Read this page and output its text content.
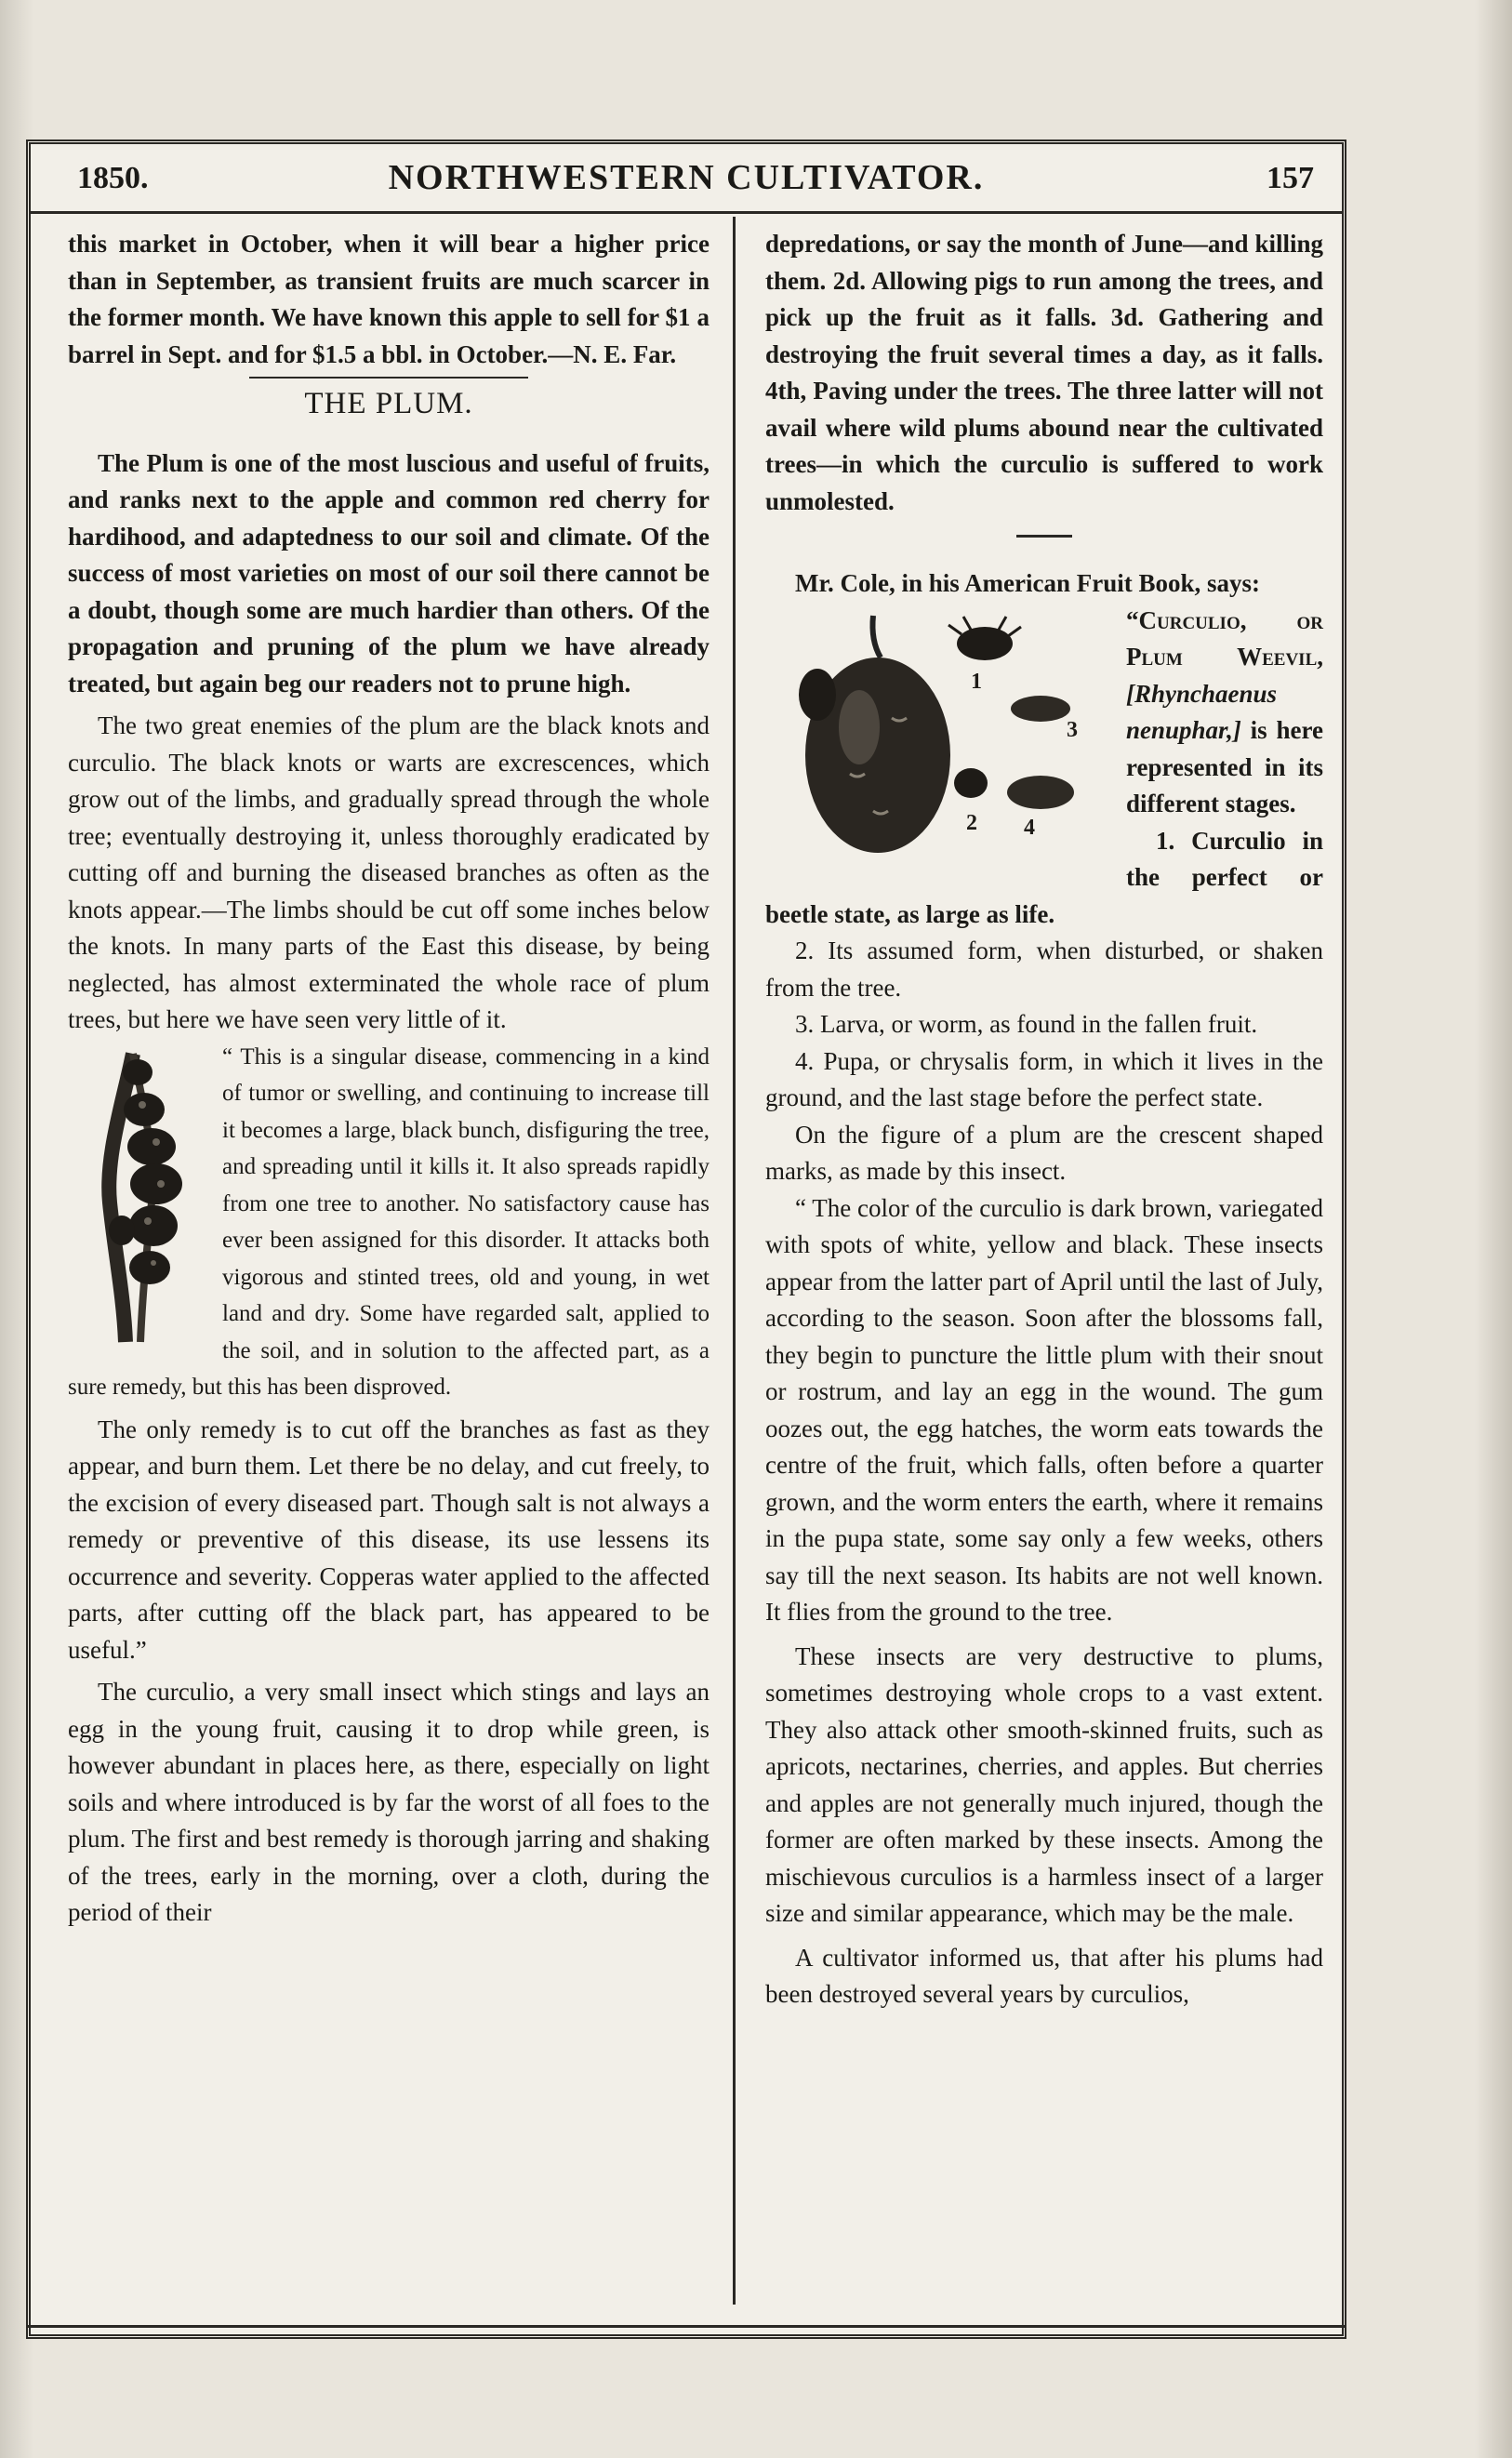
1850.	NORTHWESTERN CULTIVATOR.	157
this market in October, when it will bear a higher price than in September, as transient fruits are much scarcer in the former month. We have known this apple to sell for $1 a barrel in Sept. and for $1.5 a bbl. in October.—N. E. Far.
THE PLUM.

The Plum is one of the most luscious and useful of fruits, and ranks next to the apple and common red cherry for hardihood, and adaptedness to our soil and climate. Of the success of most varieties on most of our soil there cannot be a doubt, though some are much hardier than others. Of the propagation and pruning of the plum we have already treated, but again beg our readers not to prune high.

The two great enemies of the plum are the black knots and curculio. The black knots or warts are excrescences, which grow out of the limbs, and gradually spread through the whole tree; eventually destroying it, unless thoroughly eradicated by cutting off and burning the diseased branches as often as the knots appear.—The limbs should be cut off some inches below the knots. In many parts of the East this disease, by being neglected, has almost exterminated the whole race of plum trees, but here we have seen very little of it.

“ This is a singular disease, commencing in a kind of tumor or swelling, and continuing to increase till it becomes a large, black bunch, disfiguring the tree, and spreading until it kills it. It also spreads rapidly from one tree to another. No satisfactory cause has ever been assigned for this disorder. It attacks both vigorous and stinted trees, old and young, in wet land and dry. Some have regarded salt, applied to the soil, and in solution to the affected part, as a sure remedy, but this has been disproved.

The only remedy is to cut off the branches as fast as they appear, and burn them. Let there be no delay, and cut freely, to the excision of every diseased part. Though salt is not always a remedy or preventive of this disease, its use lessens its occurrence and severity. Copperas water applied to the affected parts, after cutting off the black part, has appeared to be useful.”

The curculio, a very small insect which stings and lays an egg in the young fruit, causing it to drop while green, is however abundant in places here, as there, especially on light soils and where introduced is by far the worst of all foes to the plum. The first and best remedy is thorough jarring and shaking of the trees, early in the morning, over a cloth, during the period of their

depredations, or say the month of June—and killing them. 2d. Allowing pigs to run among the trees, and pick up the fruit as it falls. 3d. Gathering and destroying the fruit several times a day, as it falls. 4th, Paving under the trees. The three latter will not avail where wild plums abound near the cultivated trees—in which the curculio is suffered to work unmolested.

Mr. Cole, in his American Fruit Book, says:

1
2
3
4
“Curculio, or Plum Weevil, [Rhynchaenus nenuphar,] is here represented in its different stages.

1. Curculio in the perfect or beetle state, as large as life.

2. Its assumed form, when disturbed, or shaken from the tree.

3. Larva, or worm, as found in the fallen fruit.

4. Pupa, or chrysalis form, in which it lives in the ground, and the last stage before the perfect state.

On the figure of a plum are the crescent shaped marks, as made by this insect.

“ The color of the curculio is dark brown, variegated with spots of white, yellow and black. These insects appear from the latter part of April until the last of July, according to the season. Soon after the blossoms fall, they begin to puncture the little plum with their snout or rostrum, and lay an egg in the wound. The gum oozes out, the egg hatches, the worm eats towards the centre of the fruit, which falls, often before a quarter grown, and the worm enters the earth, where it remains in the pupa state, some say only a few weeks, others say till the next season. Its habits are not well known. It flies from the ground to the tree.

These insects are very destructive to plums, sometimes destroying whole crops to a vast extent. They also attack other smooth-skinned fruits, such as apricots, nectarines, cherries, and apples. But cherries and apples are not generally much injured, though the former are often marked by these insects. Among the mischievous curculios is a harmless insect of a larger size and similar appearance, which may be the male.

A cultivator informed us, that after his plums had been destroyed several years by curculios,
